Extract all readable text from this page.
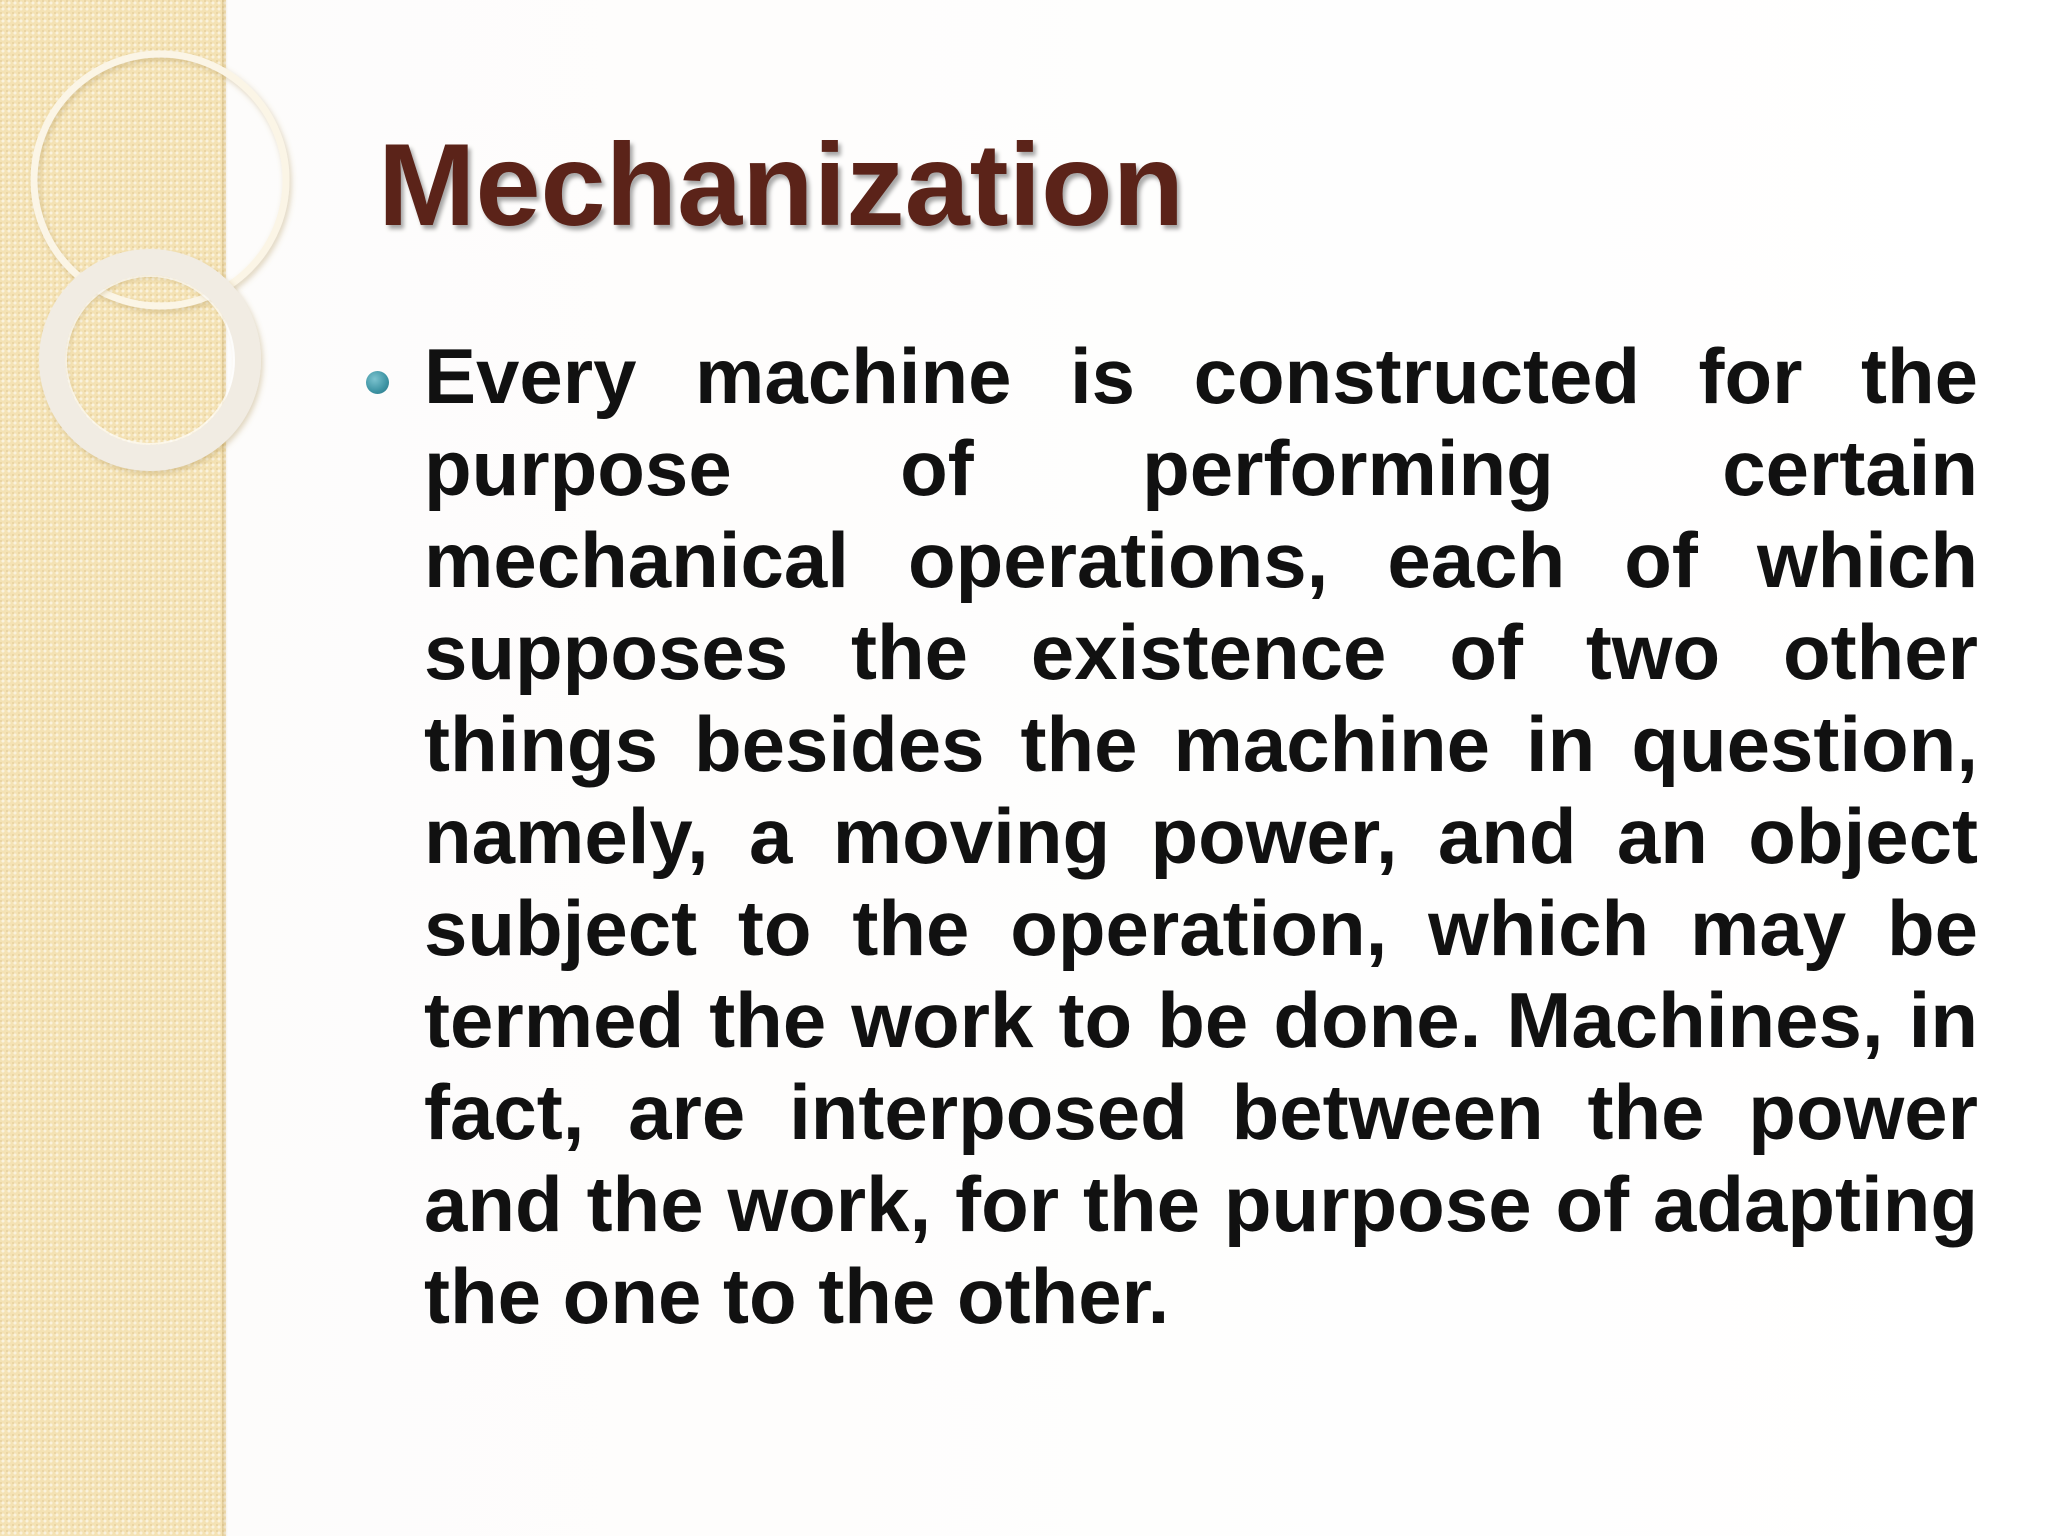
Mechanization

Every machine is constructed for the purpose of performing certain mechanical operations, each of which supposes the existence of two other things besides the machine in question, namely, a moving power, and an object subject to the operation, which may be termed the work to be done. Machines, in fact, are interposed between the power and the work, for the purpose of adapting the one to the other.
